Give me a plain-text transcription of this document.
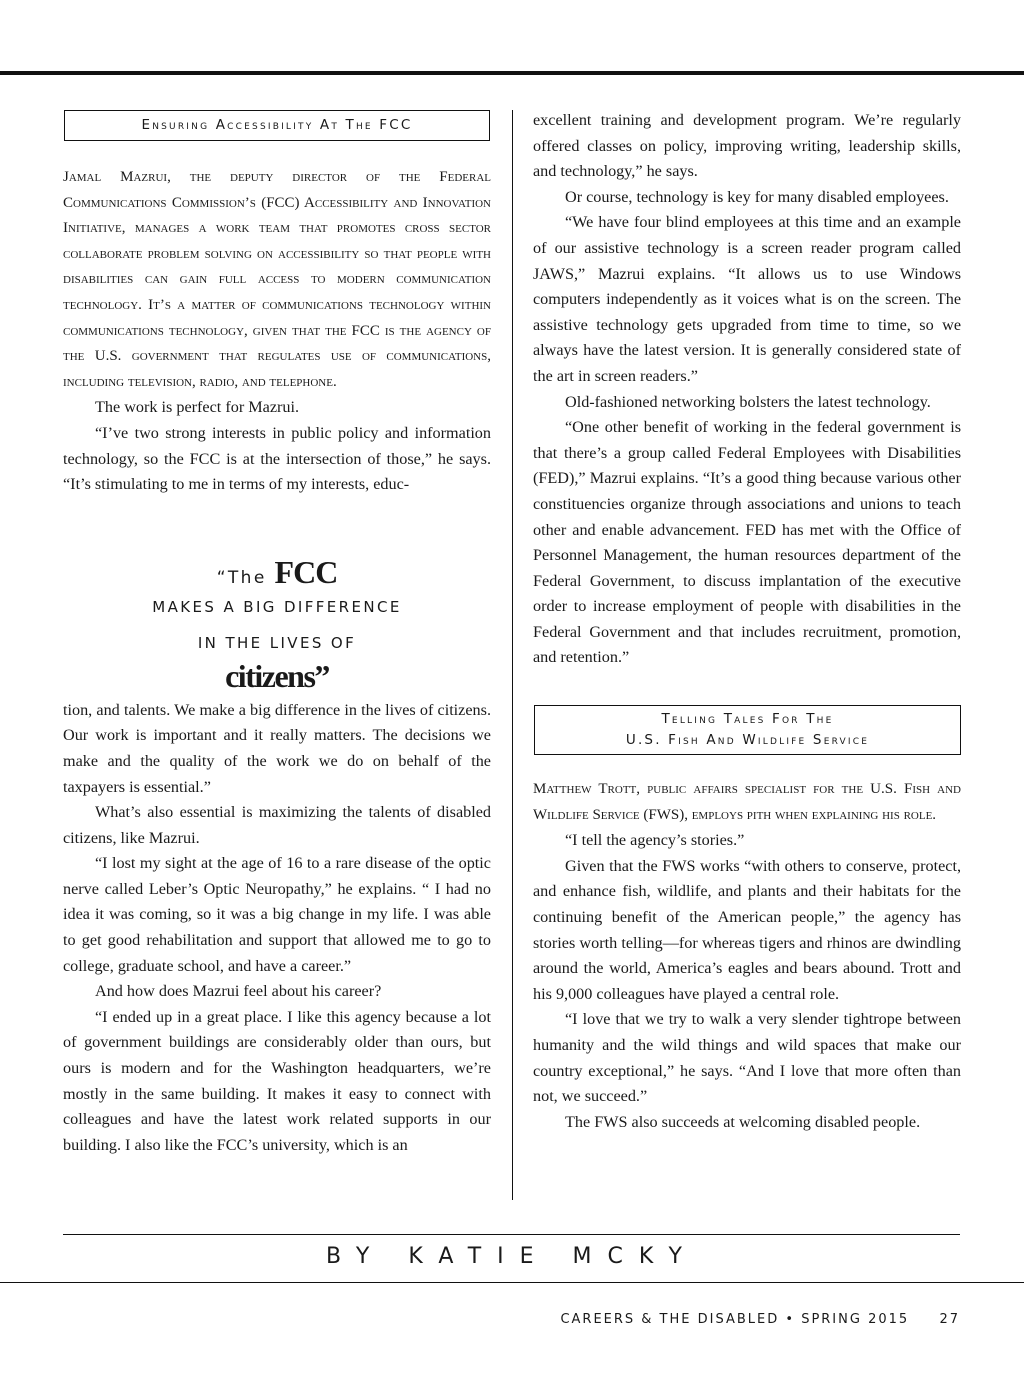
Ensuring Accessibility At The FCC

Jamal Mazrui, the deputy director of the Federal Communications Commission’s (FCC) Accessibility and Innovation Initiative, manages a work team that promotes cross sector collaborate problem solving on accessibility so that people with disabilities can gain full access to modern communication technology. It’s a matter of communications technology within communications technology, given that the FCC is the agency of the U.S. government that regulates use of communications, including television, radio, and telephone.

The work is perfect for Mazrui.

“I’ve two strong interests in public policy and information technology, so the FCC is at the intersection of those,” he says. “It’s stimulating to me in terms of my interests, educ-

“The FCC
MAKES A BIG DIFFERENCE
IN THE LIVES OF
citizens”

tion, and talents. We make a big difference in the lives of citizens. Our work is important and it really matters. The decisions we make and the quality of the work we do on behalf of the taxpayers is essential.”

What’s also essential is maximizing the talents of disabled citizens, like Mazrui.

“I lost my sight at the age of 16 to a rare disease of the optic nerve called Leber’s Optic Neuropathy,” he explains. “ I had no idea it was coming, so it was a big change in my life. I was able to get good rehabilitation and support that allowed me to go to college, graduate school, and have a career.”

And how does Mazrui feel about his career?

“I ended up in a great place. I like this agency because a lot of government buildings are considerably older than ours, but ours is modern and for the Washington headquarters, we’re mostly in the same building. It makes it easy to connect with colleagues and have the latest work related supports in our building. I also like the FCC’s university, which is an

excellent training and development program. We’re regularly offered classes on policy, improving writing, leadership skills, and technology,” he says.

Or course, technology is key for many disabled employees.

“We have four blind employees at this time and an example of our assistive technology is a screen reader program called JAWS,” Mazrui explains. “It allows us to use Windows computers independently as it voices what is on the screen. The assistive technology gets upgraded from time to time, so we always have the latest version. It is generally considered state of the art in screen readers.”

Old-fashioned networking bolsters the latest technology.

“One other benefit of working in the federal government is that there’s a group called Federal Employees with Disabilities (FED),” Mazrui explains. “It’s a good thing because various other constituencies organize through associations and unions to teach other and enable advancement. FED has met with the Office of Personnel Management, the human resources department of the Federal Government, to discuss implantation of the executive order to increase employment of people with disabilities in the Federal Government and that includes recruitment, promotion, and retention.”

Telling Tales For The
U.S. Fish And Wildlife Service

Matthew Trott, public affairs specialist for the U.S. Fish and Wildlife Service (FWS), employs pith when explaining his role.

“I tell the agency’s stories.”

Given that the FWS works “with others to conserve, protect, and enhance fish, wildlife, and plants and their habitats for the continuing benefit of the American people,” the agency has stories worth telling—for whereas tigers and rhinos are dwindling around the world, America’s eagles and bears abound. Trott and his 9,000 colleagues have played a central role.

“I love that we try to walk a very slender tightrope between humanity and the wild things and wild spaces that make our country exceptional,” he says. “And I love that more often than not, we succeed.”

The FWS also succeeds at welcoming disabled people.

BY KATIE MCKY
CAREERS & THE DISABLED • SPRING 2015 27
